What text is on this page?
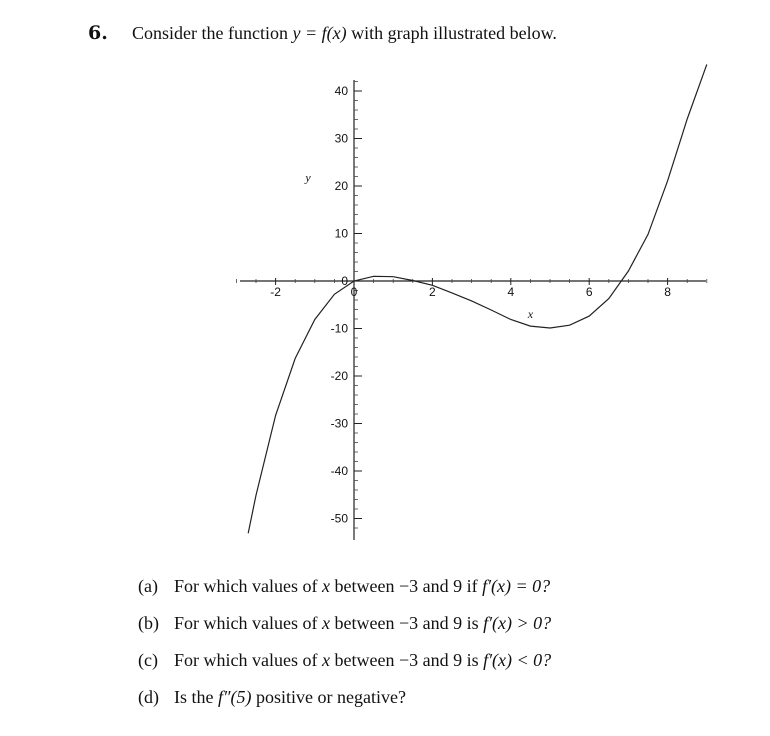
6. Consider the function y = f(x) with graph illustrated below.
40
30
20
10
0
-10
-20
-30
-40
-50
-2	0	2	4	6	8
x
y
(a) For which values of x between −3 and 9 if f′(x) = 0?
(b) For which values of x between −3 and 9 is f′(x) > 0?
(c) For which values of x between −3 and 9 is f′(x) < 0?
(d) Is the f″(5) positive or negative?
